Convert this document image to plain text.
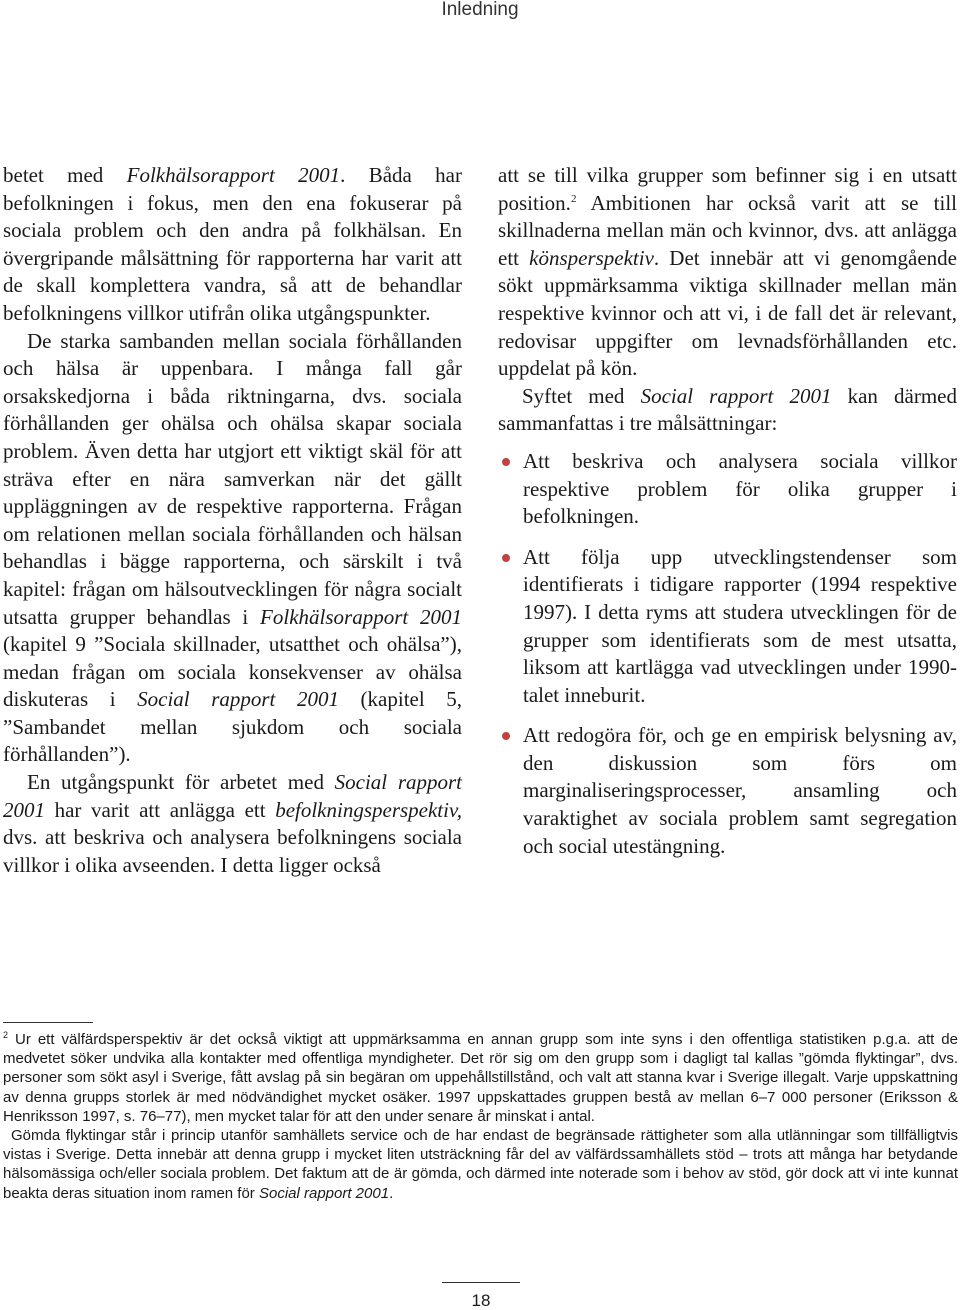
Inledning

betet med Folkhälsorapport 2001. Båda har befolkningen i fokus, men den ena fokuserar på sociala problem och den andra på folkhälsan. En övergripande målsättning för rapporterna har varit att de skall komplettera vandra, så att de behandlar befolkningens villkor utifrån olika utgångspunkter.

De starka sambanden mellan sociala förhållanden och hälsa är uppenbara. I många fall går orsakskedjorna i båda riktningarna, dvs. sociala förhållanden ger ohälsa och ohälsa skapar sociala problem. Även detta har utgjort ett viktigt skäl för att sträva efter en nära samverkan när det gällt uppläggningen av de respektive rapporterna. Frågan om relationen mellan sociala förhållanden och hälsan behandlas i bägge rapporterna, och särskilt i två kapitel: frågan om hälsoutvecklingen för några socialt utsatta grupper behandlas i Folkhälsorapport 2001 (kapitel 9 ”Sociala skillnader, utsatthet och ohälsa”), medan frågan om sociala konsekvenser av ohälsa diskuteras i Social rapport 2001 (kapitel 5, ”Sambandet mellan sjukdom och sociala förhållanden”).

En utgångspunkt för arbetet med Social rapport 2001 har varit att anlägga ett befolkningsperspektiv, dvs. att beskriva och analysera befolkningens sociala villkor i olika avseenden. I detta ligger också

att se till vilka grupper som befinner sig i en utsatt position.$^2$ Ambitionen har också varit att se till skillnaderna mellan män och kvinnor, dvs. att anlägga ett könsperspektiv. Det innebär att vi genomgående sökt uppmärksamma viktiga skillnader mellan män respektive kvinnor och att vi, i de fall det är relevant, redovisar uppgifter om levnadsförhållanden etc. uppdelat på kön.

Syftet med Social rapport 2001 kan därmed sammanfattas i tre målsättningar:

Att beskriva och analysera sociala villkor respektive problem för olika grupper i befolkningen.
Att följa upp utvecklingstendenser som identifierats i tidigare rapporter (1994 respektive 1997). I detta ryms att studera utvecklingen för de grupper som identifierats som de mest utsatta, liksom att kartlägga vad utvecklingen under 1990-talet inneburit.
Att redogöra för, och ge en empirisk belysning av, den diskussion som förs om marginaliseringsprocesser, ansamling och varaktighet av sociala problem samt segregation och social utestängning.

$^2$ Ur ett välfärdsperspektiv är det också viktigt att uppmärksamma en annan grupp som inte syns i den offentliga statistiken p.g.a. att de medvetet söker undvika alla kontakter med offentliga myndigheter. Det rör sig om den grupp som i dagligt tal kallas ”gömda flyktingar”, dvs. personer som sökt asyl i Sverige, fått avslag på sin begäran om uppehållstillstånd, och valt att stanna kvar i Sverige illegalt. Varje uppskattning av denna grupps storlek är med nödvändighet mycket osäker. 1997 uppskattades gruppen bestå av mellan 6–7 000 personer (Eriksson & Henriksson 1997, s. 76–77), men mycket talar för att den under senare år minskat i antal.

Gömda flyktingar står i princip utanför samhällets service och de har endast de begränsade rättigheter som alla utlänningar som tillfälligtvis vistas i Sverige. Detta innebär att denna grupp i mycket liten utsträckning får del av välfärdssamhällets stöd – trots att många har betydande hälsomässiga och/eller sociala problem. Det faktum att de är gömda, och därmed inte noterade som i behov av stöd, gör dock att vi inte kunnat beakta deras situation inom ramen för Social rapport 2001.

18
